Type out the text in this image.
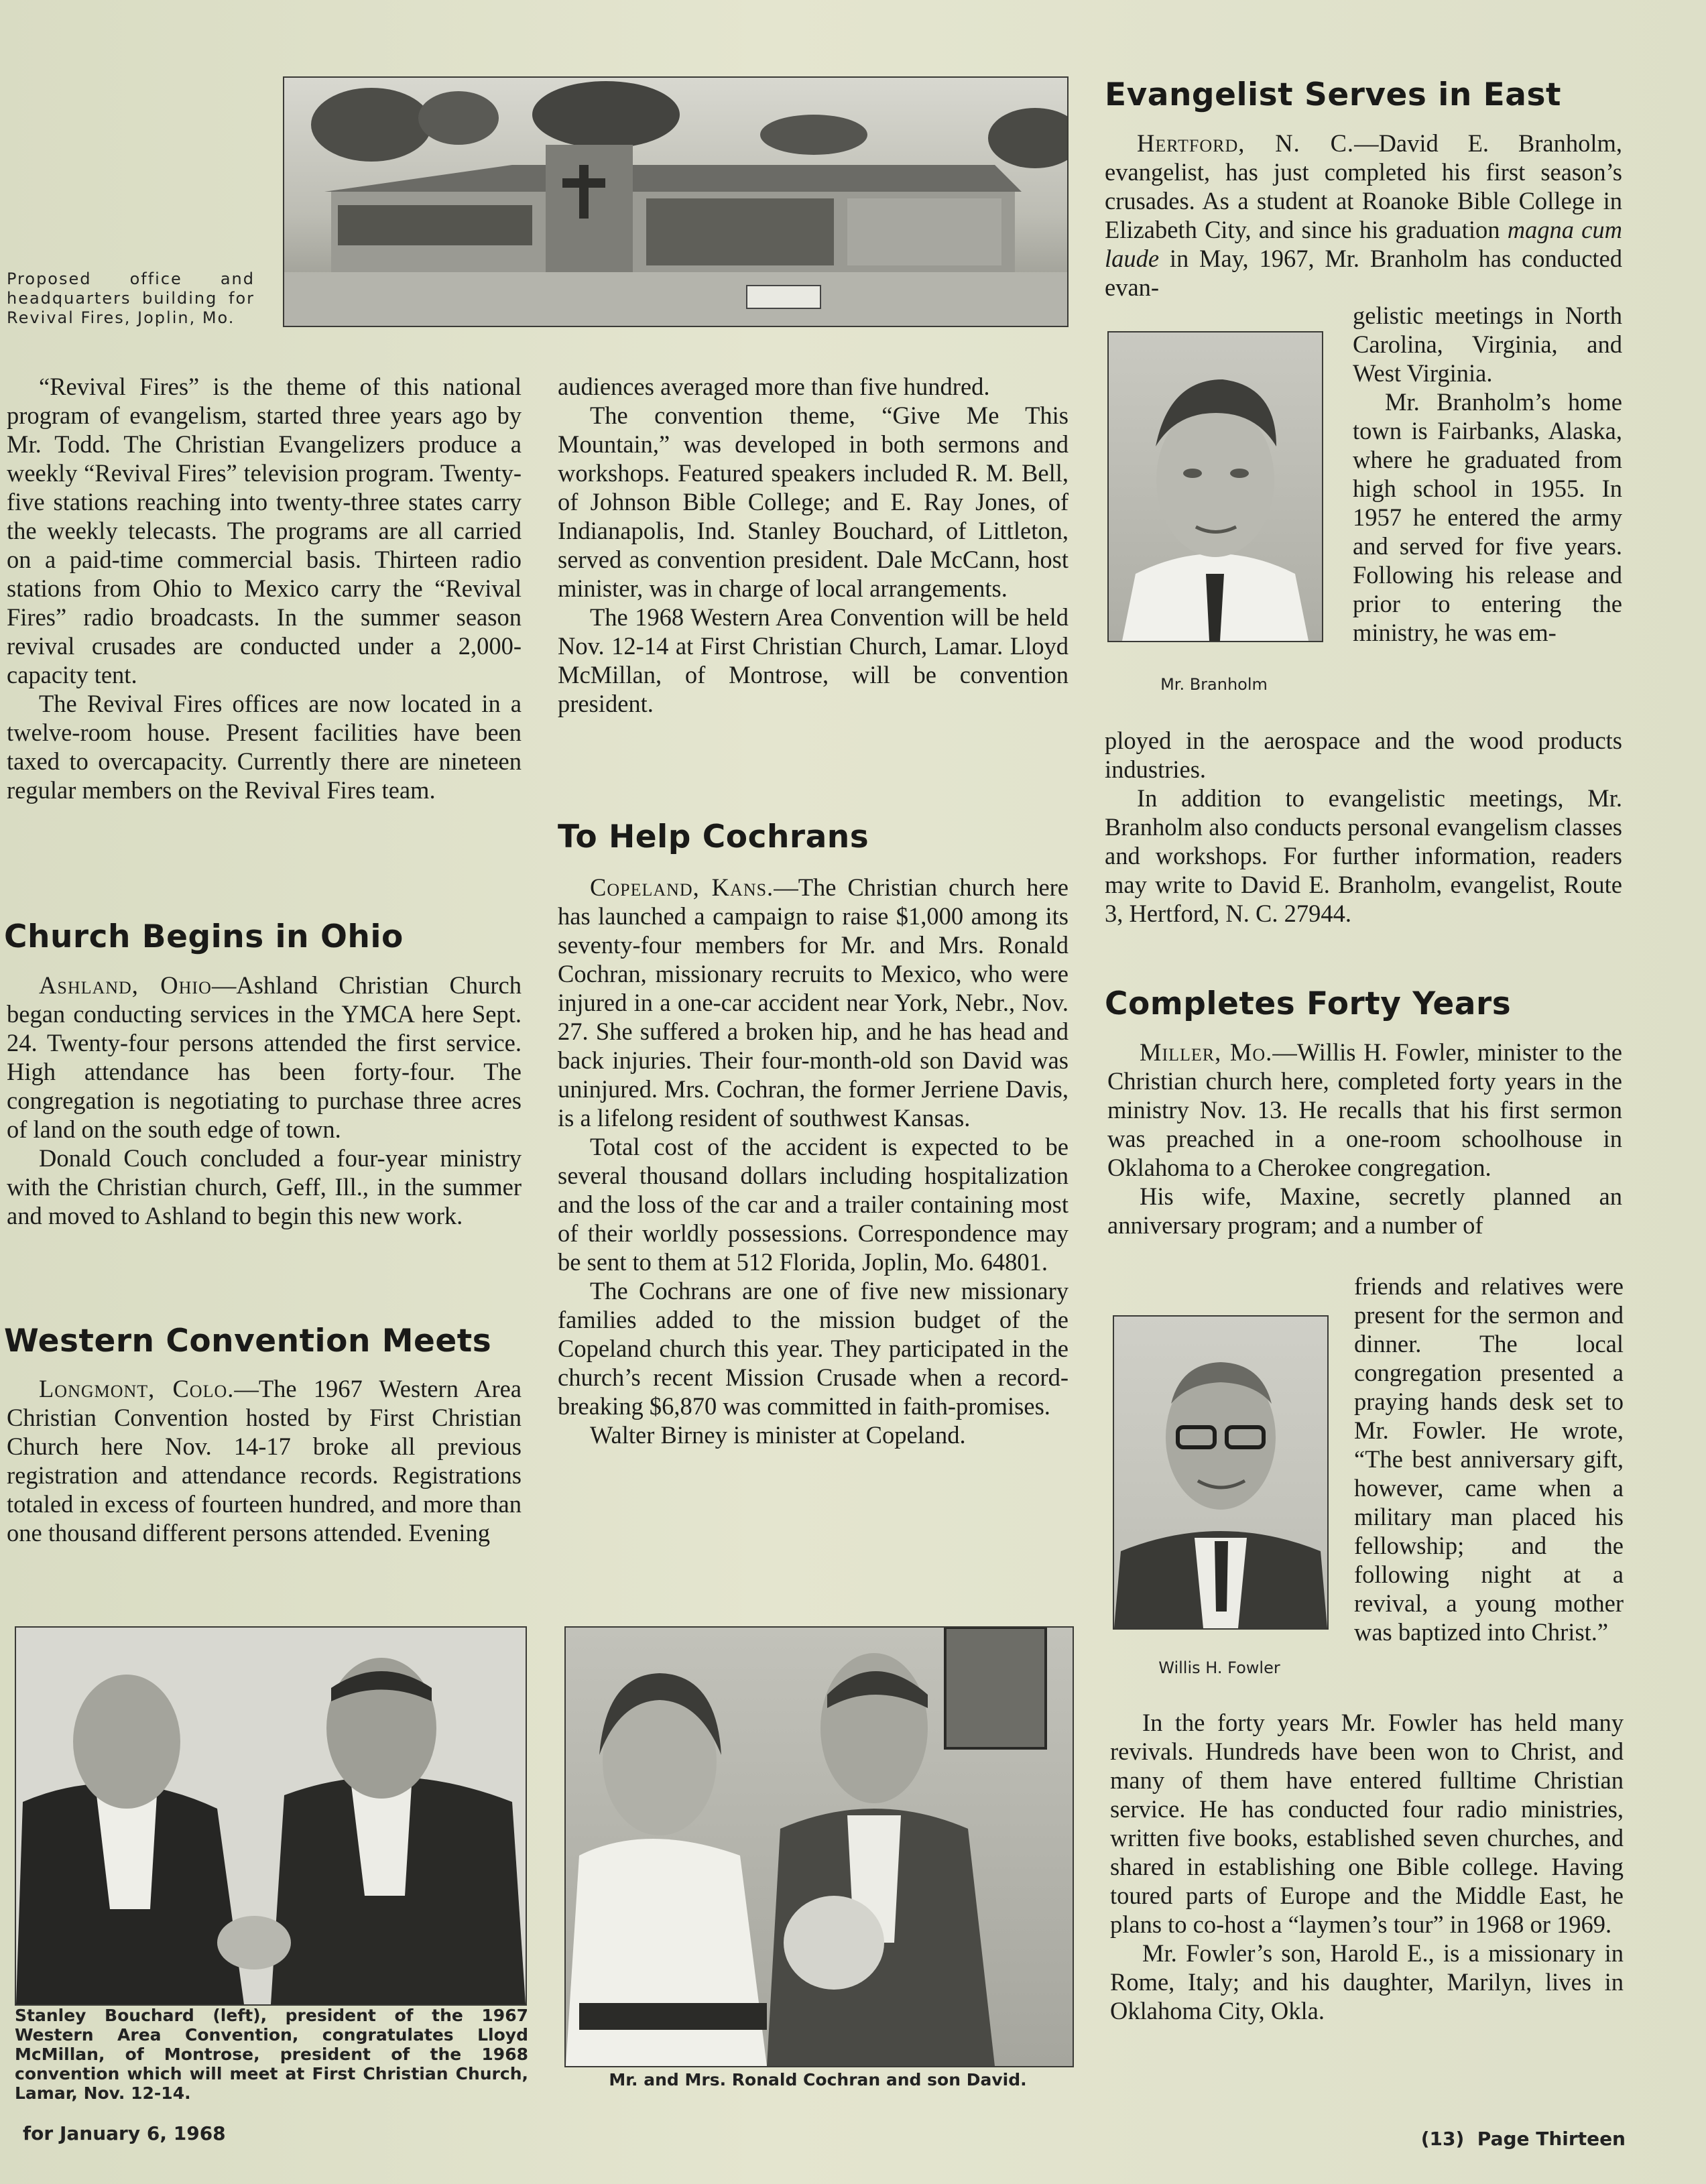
Proposed office and headquarters building for Revival Fires, Joplin, Mo.

“Revival Fires” is the theme of this national program of evangelism, started three years ago by Mr. Todd. The Christian Evangelizers produce a weekly “Revival Fires” television program. Twenty-five stations reaching into twenty-three states carry the weekly telecasts. The programs are all carried on a paid-time commercial basis. Thirteen radio stations from Ohio to Mexico carry the “Revival Fires” radio broadcasts. In the summer season revival crusades are conducted under a 2,000-capacity tent.

The Revival Fires offices are now located in a twelve-room house. Present facilities have been taxed to overcapacity. Currently there are nineteen regular members on the Revival Fires team.

Church Begins in Ohio

Ashland, Ohio—Ashland Christian Church began conducting services in the YMCA here Sept. 24. Twenty-four persons attended the first service. High attendance has been forty-four. The congregation is negotiating to purchase three acres of land on the south edge of town.

Donald Couch concluded a four-year ministry with the Christian church, Geff, Ill., in the summer and moved to Ashland to begin this new work.

Western Convention Meets

Longmont, Colo.—The 1967 Western Area Christian Convention hosted by First Christian Church here Nov. 14-17 broke all previous registration and attendance records. Registrations totaled in excess of fourteen hundred, and more than one thousand different persons attended. Evening

audiences averaged more than five hundred.

The convention theme, “Give Me This Mountain,” was developed in both sermons and workshops. Featured speakers included R. M. Bell, of Johnson Bible College; and E. Ray Jones, of Indianapolis, Ind. Stanley Bouchard, of Littleton, served as convention president. Dale McCann, host minister, was in charge of local arrangements.

The 1968 Western Area Convention will be held Nov. 12-14 at First Christian Church, Lamar. Lloyd McMillan, of Montrose, will be convention president.

To Help Cochrans

Copeland, Kans.—The Christian church here has launched a campaign to raise $1,000 among its seventy-four members for Mr. and Mrs. Ronald Cochran, missionary recruits to Mexico, who were injured in a one-car accident near York, Nebr., Nov. 27. She suffered a broken hip, and he has head and back injuries. Their four-month-old son David was uninjured. Mrs. Cochran, the former Jerriene Davis, is a lifelong resident of southwest Kansas.

Total cost of the accident is expected to be several thousand dollars including hospitalization and the loss of the car and a trailer containing most of their worldly possessions. Correspondence may be sent to them at 512 Florida, Joplin, Mo. 64801.

The Cochrans are one of five new missionary families added to the mission budget of the Copeland church this year. They participated in the church’s recent Mission Crusade when a record-breaking $6,870 was committed in faith-promises.

Walter Birney is minister at Copeland.

Evangelist Serves in East

Hertford, N. C.—David E. Branholm, evangelist, has just completed his first season’s crusades. As a student at Roanoke Bible College in Elizabeth City, and since his graduation magna cum laude in May, 1967, Mr. Branholm has conducted evan-

Mr. Branholm

gelistic meetings in North Carolina, Virginia, and West Virginia.

Mr. Branholm’s home town is Fairbanks, Alaska, where he graduated from high school in 1955. In 1957 he entered the army and served for five years. Following his release and prior to entering the ministry, he was em-

ployed in the aerospace and the wood products industries.

In addition to evangelistic meetings, Mr. Branholm also conducts personal evangelism classes and workshops. For further information, readers may write to David E. Branholm, evangelist, Route 3, Hertford, N. C. 27944.

Completes Forty Years

Miller, Mo.—Willis H. Fowler, minister to the Christian church here, completed forty years in the ministry Nov. 13. He recalls that his first sermon was preached in a one-room schoolhouse in Oklahoma to a Cherokee congregation.

His wife, Maxine, secretly planned an anniversary program; and a number of

Willis H. Fowler

friends and relatives were present for the sermon and dinner. The local congregation presented a praying hands desk set to Mr. Fowler. He wrote, “The best anniversary gift, however, came when a military man placed his fellowship; and the following night at a revival, a young mother was baptized into Christ.”

In the forty years Mr. Fowler has held many revivals. Hundreds have been won to Christ, and many of them have entered fulltime Christian service. He has conducted four radio ministries, written five books, established seven churches, and shared in establishing one Bible college. Having toured parts of Europe and the Middle East, he plans to co-host a “laymen’s tour” in 1968 or 1969.

Mr. Fowler’s son, Harold E., is a missionary in Rome, Italy; and his daughter, Marilyn, lives in Oklahoma City, Okla.

Stanley Bouchard (left), president of the 1967 Western Area Convention, congratulates Lloyd McMillan, of Montrose, president of the 1968 convention which will meet at First Christian Church, Lamar, Nov. 12-14.
Mr. and Mrs. Ronald Cochran and son David.
for January 6, 1968	(13)  Page Thirteen
